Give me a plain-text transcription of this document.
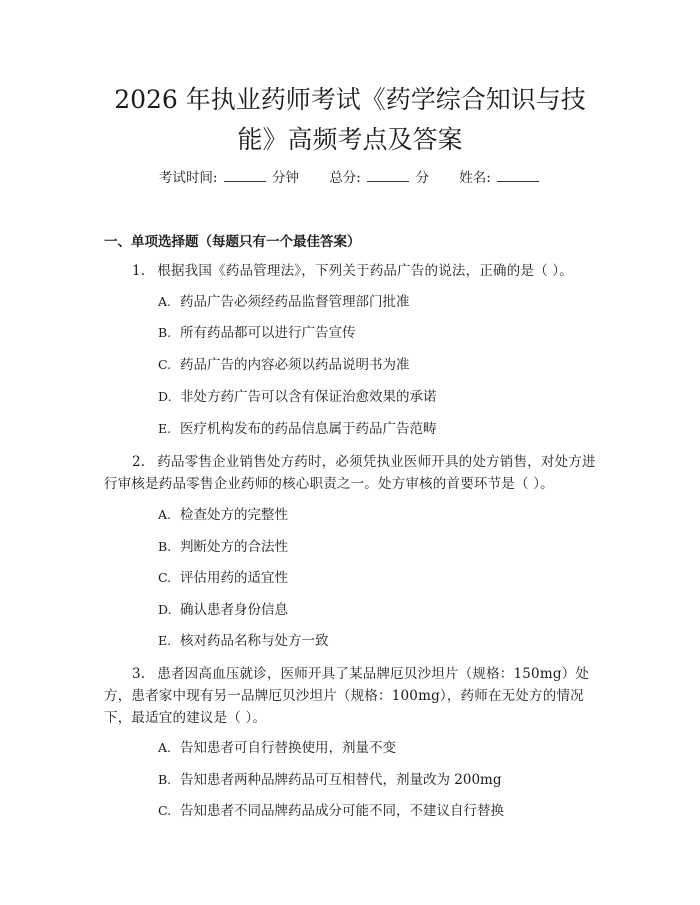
2026 年执业药师考试《药学综合知识与技
能》高频考点及答案
考试时间:	分钟 总分:	分 姓名:
一、单项选择题（每题只有一个最佳答案）

1. 根据我国《药品管理法》，下列关于药品广告的说法，正确的是（ ）。

A. 药品广告必须经药品监督管理部门批准

B. 所有药品都可以进行广告宣传

C. 药品广告的内容必须以药品说明书为准

D. 非处方药广告可以含有保证治愈效果的承诺

E. 医疗机构发布的药品信息属于药品广告范畴

2. 药品零售企业销售处方药时，必须凭执业医师开具的处方销售，对处方进行审核是药品零售企业药师的核心职责之一。处方审核的首要环节是（ ）。

A. 检查处方的完整性

B. 判断处方的合法性

C. 评估用药的适宜性

D. 确认患者身份信息

E. 核对药品名称与处方一致

3. 患者因高血压就诊，医师开具了某品牌厄贝沙坦片（规格：150mg）处方，患者家中现有另一品牌厄贝沙坦片（规格：100mg），药师在无处方的情况下，最适宜的建议是（ ）。

A. 告知患者可自行替换使用，剂量不变

B. 告知患者两种品牌药品可互相替代，剂量改为 200mg

C. 告知患者不同品牌药品成分可能不同，不建议自行替换
